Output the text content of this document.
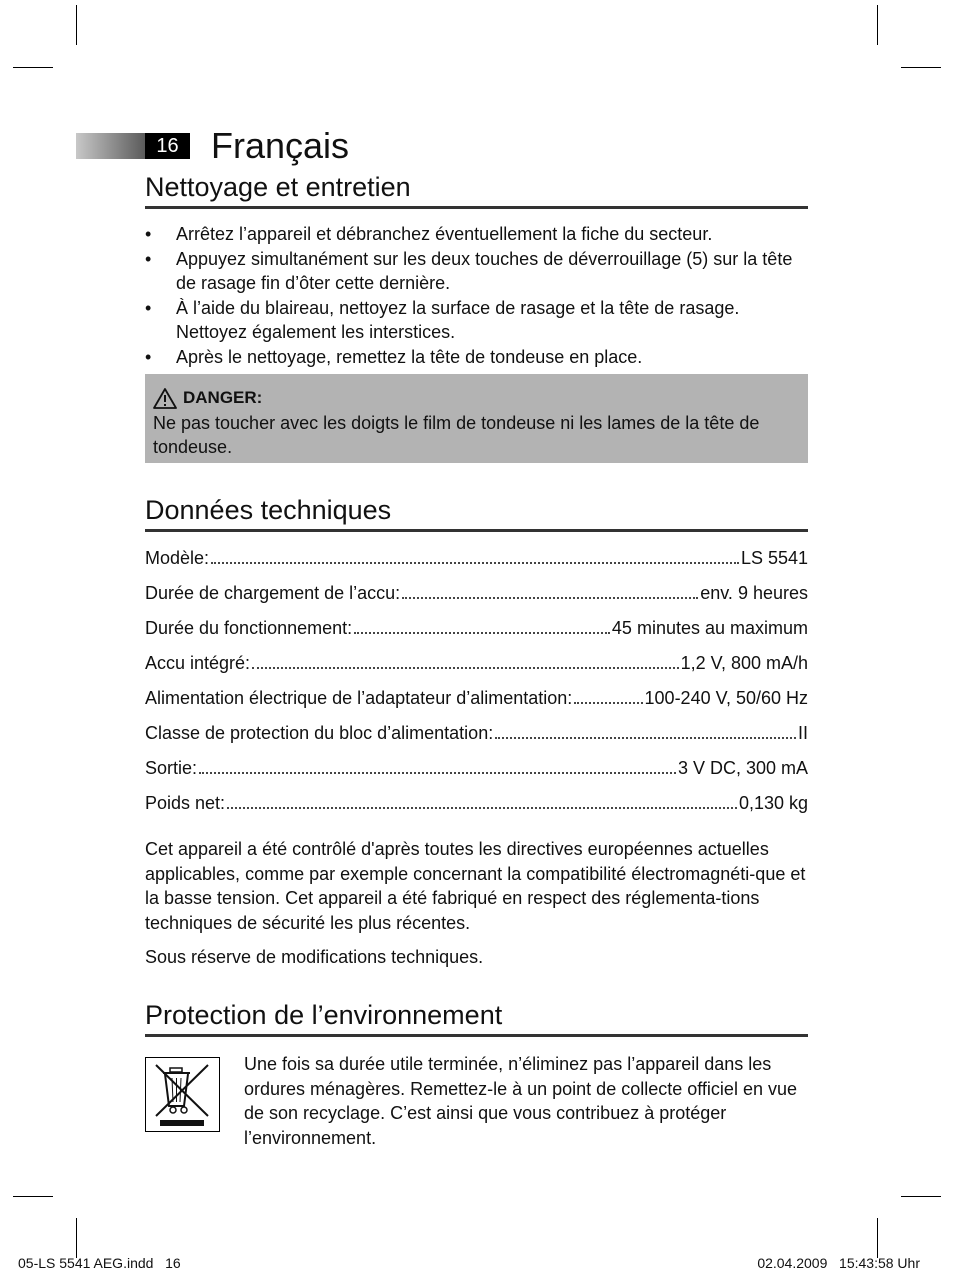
16 Français
Nettoyage et entretien
• Arrêtez l’appareil et débranchez éventuellement la fiche du secteur.
• Appuyez simultanément sur les deux touches de déverrouillage (5) sur la tête de rasage fin d’ôter cette dernière.
• À l’aide du blaireau, nettoyez la surface de rasage et la tête de rasage. Nettoyez également les interstices.
• Après le nettoyage, remettez la tête de tondeuse en place.
DANGER:
Ne pas toucher avec les doigts le film de tondeuse ni les lames de la tête de tondeuse.
Données techniques
Modèle:	LS 5541
Durée de chargement de l’accu:	env. 9 heures
Durée du fonctionnement:	45 minutes au maximum
Accu intégré:	1,2 V, 800 mA/h
Alimentation électrique de l’adaptateur d’alimentation:	100-240 V, 50/60 Hz
Classe de protection du bloc d’alimentation:	II
Sortie:	3 V DC, 300 mA
Poids net:	0,130 kg

Cet appareil a été contrôlé d'après toutes les directives européennes actuelles applicables, comme par exemple concernant la compatibilité électromagnéti-que et la basse tension. Cet appareil a été fabriqué en respect des réglementa-tions techniques de sécurité les plus récentes.

Sous réserve de modifications techniques.

Protection de l’environnement

Une fois sa durée utile terminée, n’éliminez pas l’appareil dans les ordures ménagères. Remettez-le à un point de collecte officiel en vue de son recyclage. C’est ainsi que vous contribuez à protéger l’environnement.

05-LS 5541 AEG.indd   16	02.04.2009   15:43:58 Uhr
